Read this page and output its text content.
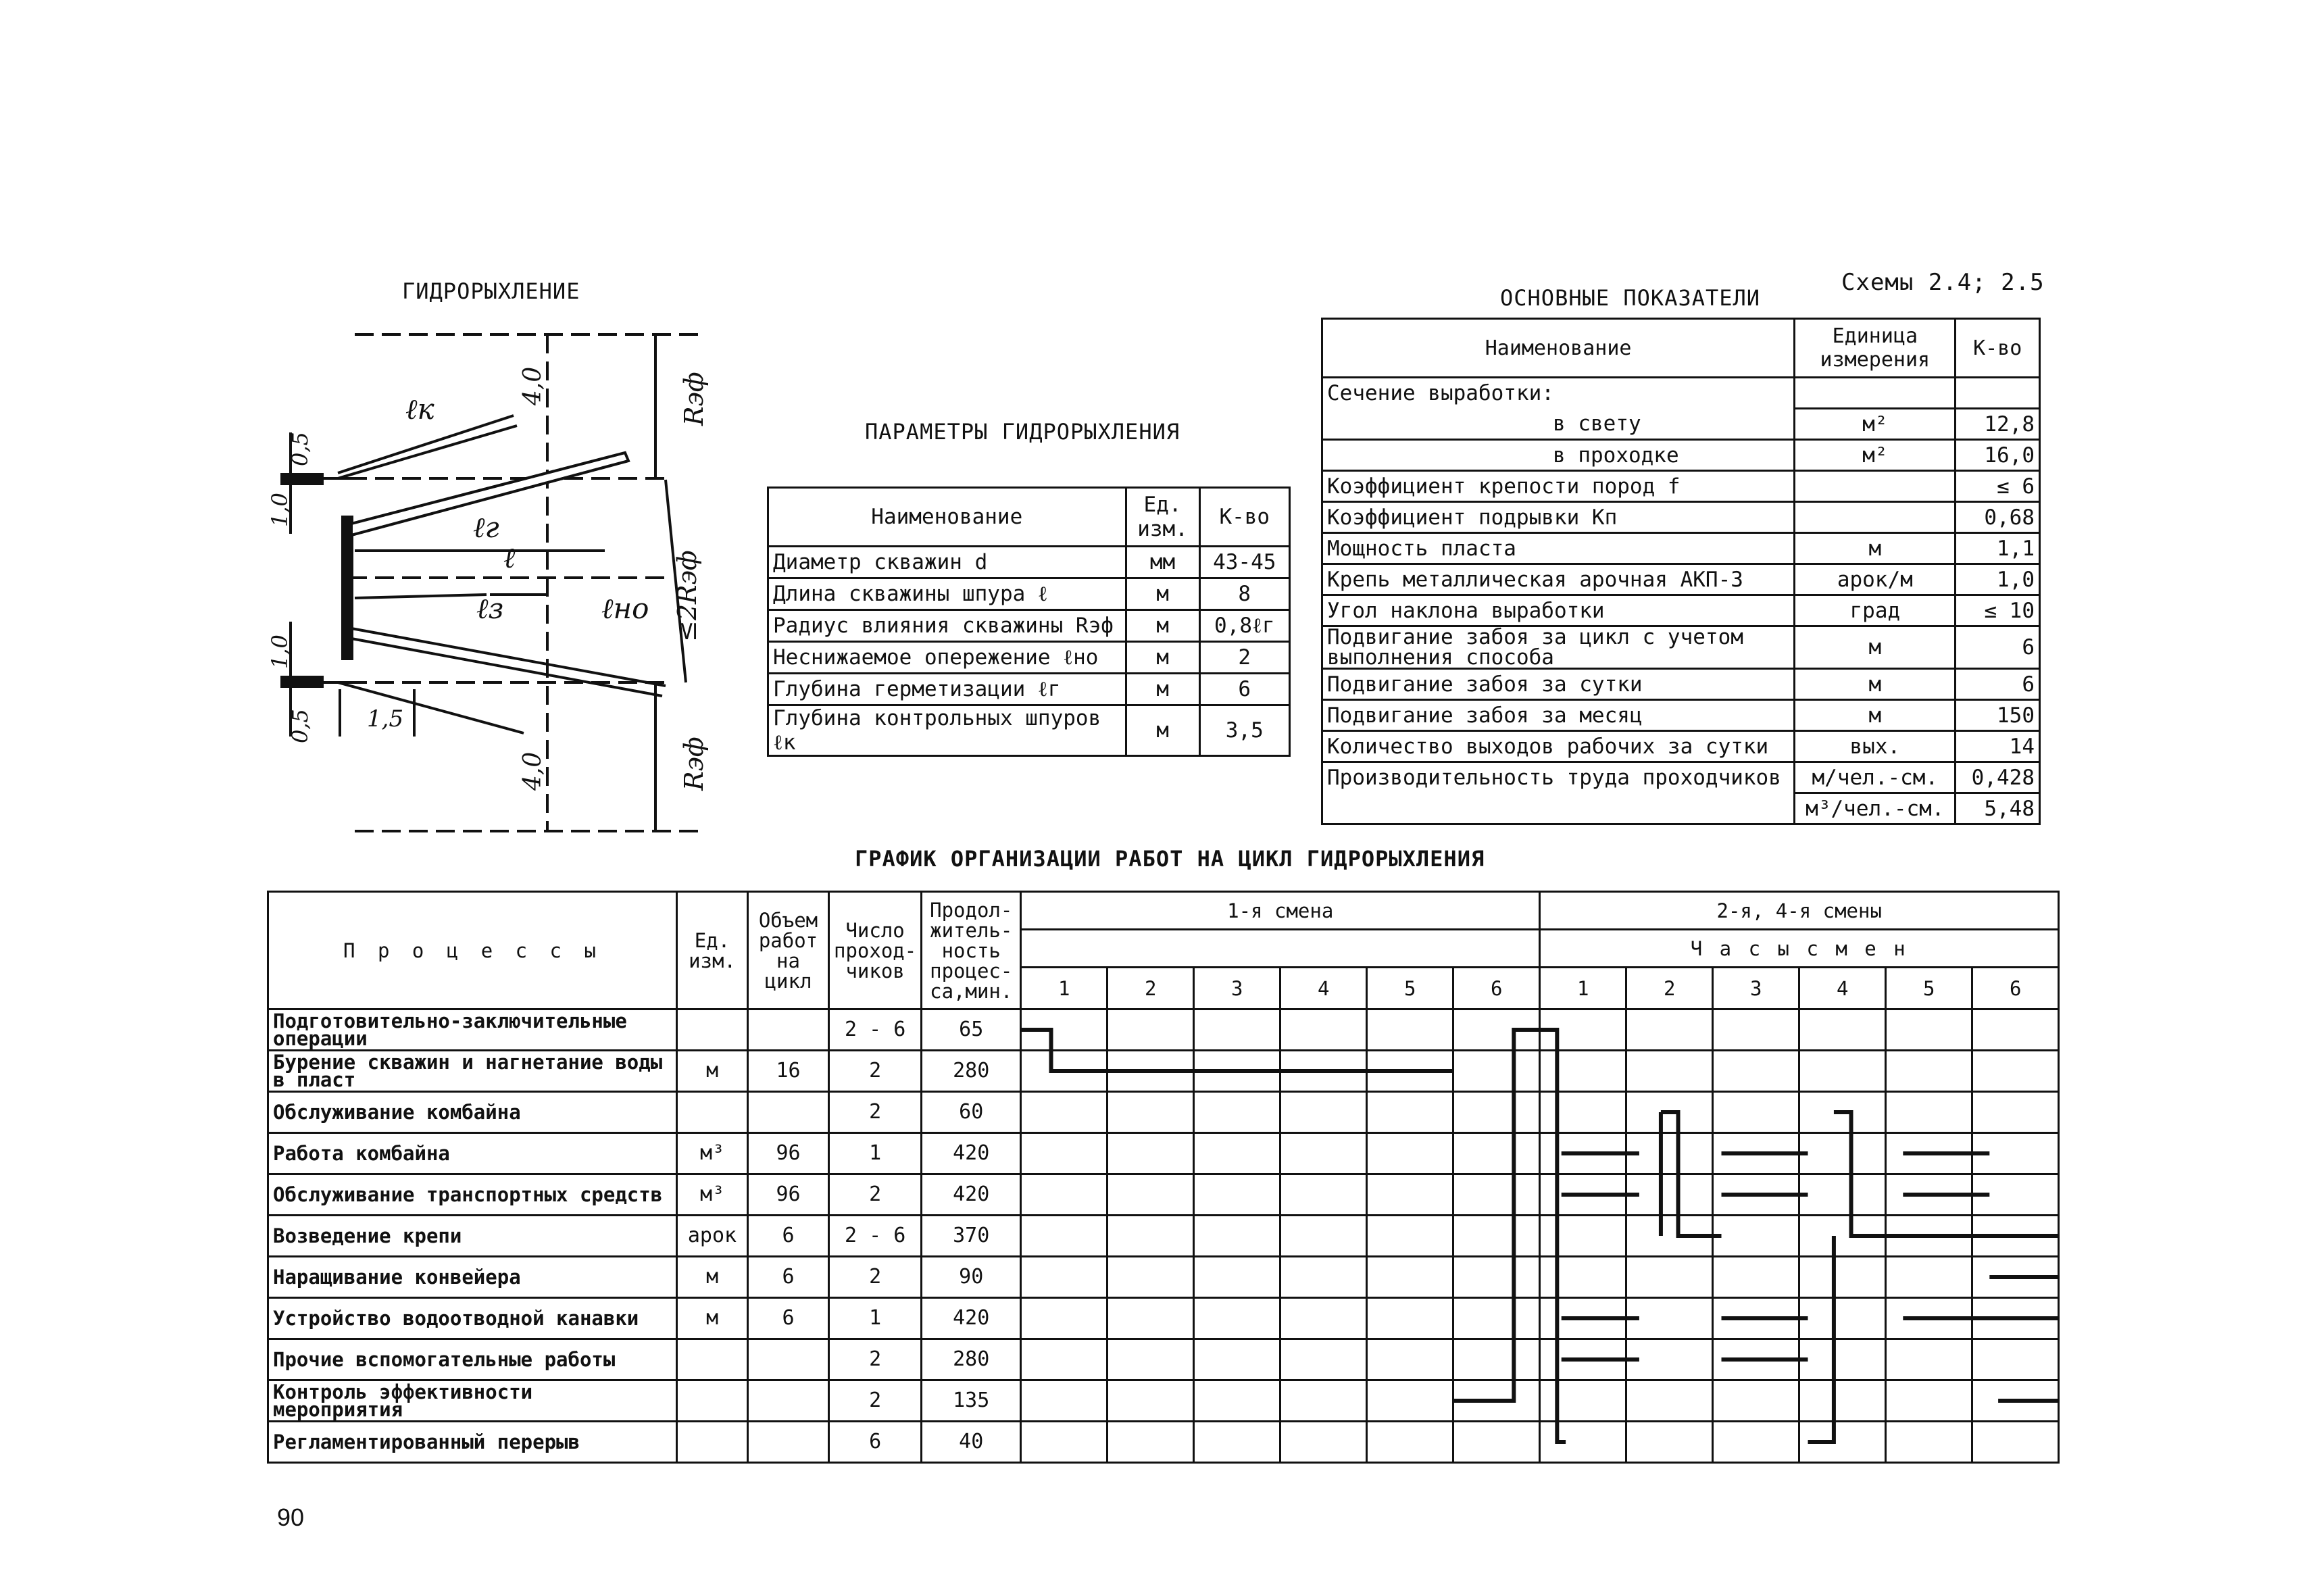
Схемы 2.4; 2.5
90
ГИДРОРЫХЛЕНИЕ
ℓк
ℓг
ℓ
ℓз	ℓно
4,0
4,0
Rэф
≤2Rэф
Rэф
0,5
1,0
1,0
0,5 1,5
ПАРАМЕТРЫ ГИДРОРЫХЛЕНИЯ
Наименование	Ед. изм.	К-во
Диаметр скважин d	мм	43-45
Длина скважины шпура ℓ	м	8
Радиус влияния скважины Rэф	м	0,8ℓг
Неснижаемое опережение ℓно	м	2
Глубина герметизации ℓг	м	6
Глубина контрольных шпуров ℓк	м	3,5
ОСНОВНЫЕ ПОКАЗАТЕЛИ
Наименование	Единица измерения	К-во
Сечение выработки:		
в свету	м²	12,8
в проходке	м²	16,0
Коэффициент крепости пород f		≤ 6
Коэффициент подрывки Kп		0,68
Мощность пласта	м	1,1
Крепь металлическая арочная АКП-3	арок/м	1,0
Угол наклона выработки	град	≤ 10
Подвигание забоя за цикл с учетом выполнения способа	м	6
Подвигание забоя за сутки	м	6
Подвигание забоя за месяц	м	150
Количество выходов рабочих за сутки	вых.	14
Производительность труда проходчиков	м/чел.-см.	0,428
	м³/чел.-см.	5,48
ГРАФИК ОРГАНИЗАЦИИ РАБОТ НА ЦИКЛ ГИДРОРЫХЛЕНИЯ
П р о ц е с с ы	Ед. изм.	Объем работ на цикл	Число проход- чиков	Продол- житель- ность процес- са,мин.	1-я смена						2-я, 4-я смены					
											Ч а с ы с м е н					
					1	2	3	4	5	6	1	2	3	4	5	6
Подготовительно-заключительные операции			2 - 6	65												
Бурение скважин и нагнетание воды в пласт	м	16	2	280												
Обслуживание комбайна			2	60												
Работа комбайна	м³	96	1	420												
Обслуживание транспортных средств	м³	96	2	420												
Возведение крепи	арок	6	2 - 6	370												
Наращивание конвейера	м	6	2	90												
Устройство водоотводной канавки	м	6	1	420												
Прочие вспомогательные работы			2	280												
Контроль эффективности мероприятия			2	135												
Регламентированный перерыв			6	40												
